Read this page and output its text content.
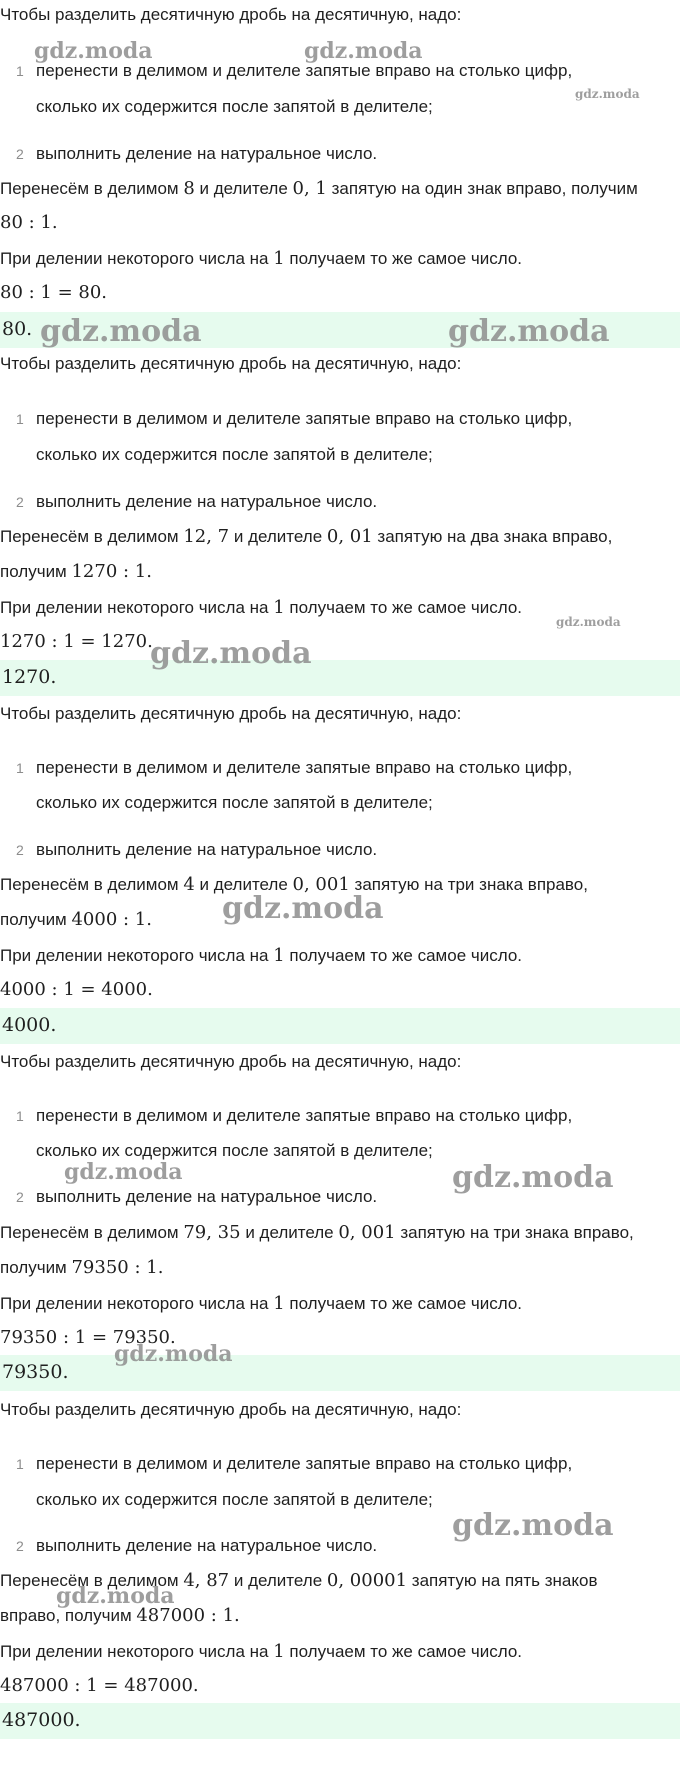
Чтобы разделить десятичную дробь на десятичную, надо:
1 перенести в делимом и делителе запятые вправо на столько цифр,
сколько их содержится после запятой в делителе;
2 выполнить деление на натуральное число.
Перенесём в делимом 8 и делителе 0, 1 запятую на один знак вправо, получим
80 : 1.
При делении некоторого числа на 1 получаем то же самое число.
80 : 1 = 80.
80.
Чтобы разделить десятичную дробь на десятичную, надо:
1 перенести в делимом и делителе запятые вправо на столько цифр,
сколько их содержится после запятой в делителе;
2 выполнить деление на натуральное число.
Перенесём в делимом 12, 7 и делителе 0, 01 запятую на два знака вправо,
получим 1270 : 1.
При делении некоторого числа на 1 получаем то же самое число.
1270 : 1 = 1270.
1270.
Чтобы разделить десятичную дробь на десятичную, надо:
1 перенести в делимом и делителе запятые вправо на столько цифр,
сколько их содержится после запятой в делителе;
2 выполнить деление на натуральное число.
Перенесём в делимом 4 и делителе 0, 001 запятую на три знака вправо,
получим 4000 : 1.
При делении некоторого числа на 1 получаем то же самое число.
4000 : 1 = 4000.
4000.
Чтобы разделить десятичную дробь на десятичную, надо:
1 перенести в делимом и делителе запятые вправо на столько цифр,
сколько их содержится после запятой в делителе;
2 выполнить деление на натуральное число.
Перенесём в делимом 79, 35 и делителе 0, 001 запятую на три знака вправо,
получим 79350 : 1.
При делении некоторого числа на 1 получаем то же самое число.
79350 : 1 = 79350.
79350.
Чтобы разделить десятичную дробь на десятичную, надо:
1 перенести в делимом и делителе запятые вправо на столько цифр,
сколько их содержится после запятой в делителе;
2 выполнить деление на натуральное число.
Перенесём в делимом 4, 87 и делителе 0, 00001 запятую на пять знаков
вправо, получим 487000 : 1.
При делении некоторого числа на 1 получаем то же самое число.
487000 : 1 = 487000.
487000.
gdz.moda	gdz.moda
gdz.moda
gdz.moda	gdz.moda
gdz.moda
gdz.moda
gdz.moda
gdz.moda	gdz.moda
gdz.moda
gdz.moda
gdz.moda
